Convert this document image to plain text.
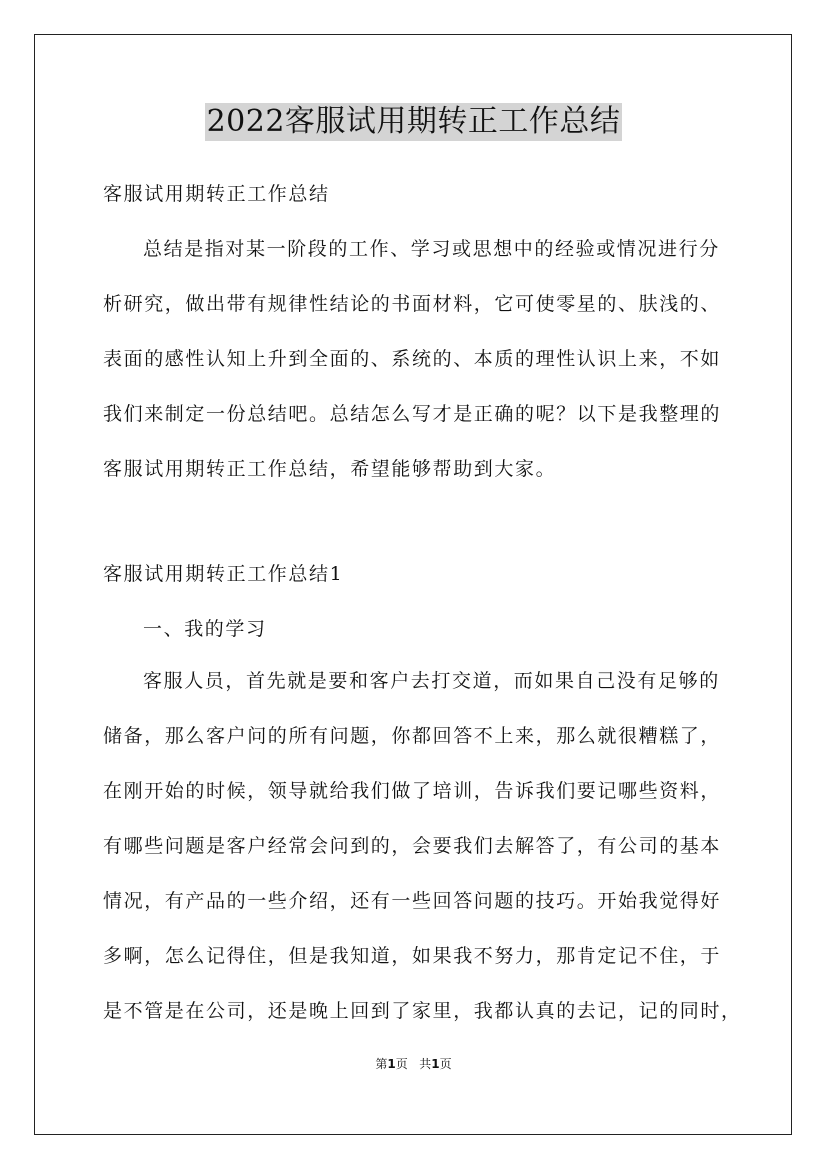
2022客服试用期转正工作总结
客服试用期转正工作总结
总结是指对某一阶段的工作、学习或思想中的经验或情况进行分
析研究，做出带有规律性结论的书面材料，它可使零星的、肤浅的、
表面的感性认知上升到全面的、系统的、本质的理性认识上来，不如
我们来制定一份总结吧。总结怎么写才是正确的呢？以下是我整理的
客服试用期转正工作总结，希望能够帮助到大家。
客服试用期转正工作总结1
一、我的学习
客服人员，首先就是要和客户去打交道，而如果自己没有足够的
储备，那么客户问的所有问题，你都回答不上来，那么就很糟糕了，
在刚开始的时候，领导就给我们做了培训，告诉我们要记哪些资料，
有哪些问题是客户经常会问到的，会要我们去解答了，有公司的基本
情况，有产品的一些介绍，还有一些回答问题的技巧。开始我觉得好
多啊，怎么记得住，但是我知道，如果我不努力，那肯定记不住，于
是不管是在公司，还是晚上回到了家里，我都认真的去记，记的同时，
第1页 共1页
